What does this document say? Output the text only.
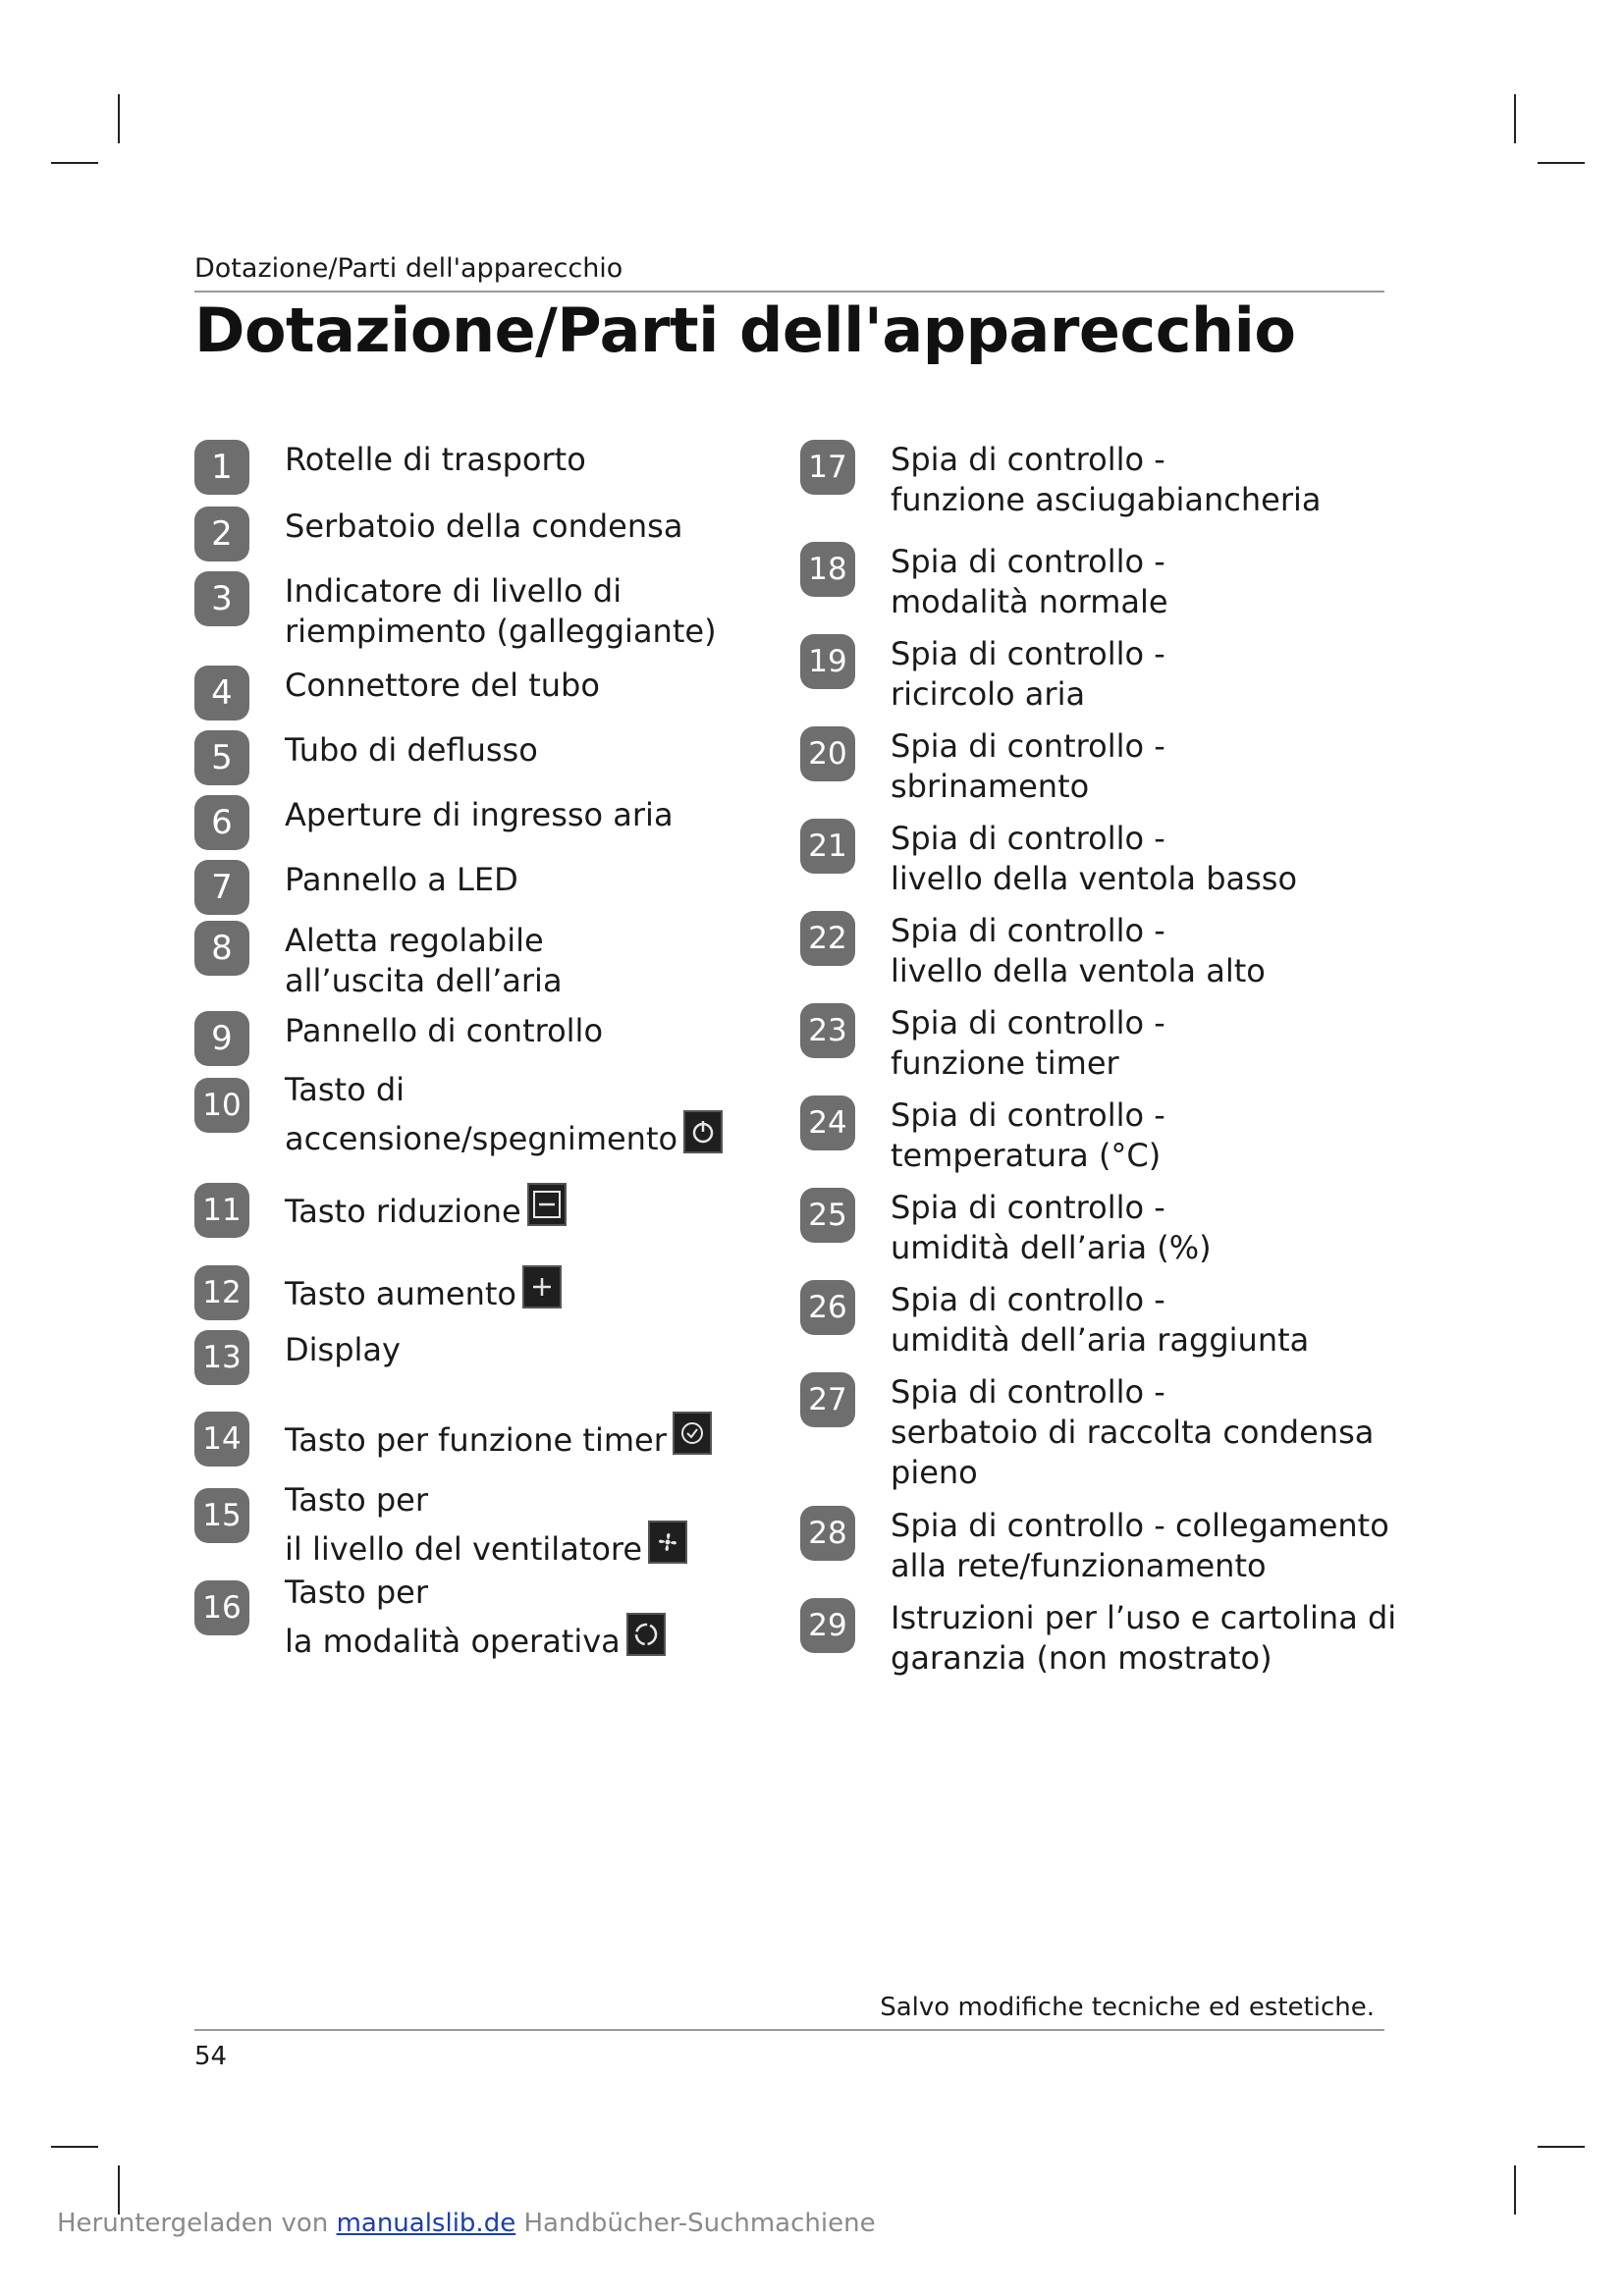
Dotazione/Parti dell'apparecchio
Dotazione/Parti dell'apparecchio
1	Rotelle di trasporto
2	Serbatoio della condensa
3	Indicatore di livello di
riempimento (galleggiante)
4	Connettore del tubo
5	Tubo di deflusso
6	Aperture di ingresso aria
7	Pannello a LED
8	Aletta regolabile
all’uscita dell’aria
9	Pannello di controllo
10 Tasto di
accensione/spegnimento
11 Tasto riduzione
12 Tasto aumento
13 Display
14 Tasto per funzione timer
15 Tasto per
il livello del ventilatore
16 Tasto per
la modalità operativa
17 Spia di controllo -
funzione asciugabiancheria
18 Spia di controllo -
modalità normale
19 Spia di controllo -
ricircolo aria
20 Spia di controllo -
sbrinamento
21 Spia di controllo -
livello della ventola basso
22 Spia di controllo -
livello della ventola alto
23 Spia di controllo -
funzione timer
24 Spia di controllo -
temperatura (°C)
25 Spia di controllo -
umidità dell’aria (%)
26 Spia di controllo -
umidità dell’aria raggiunta
27 Spia di controllo -
serbatoio di raccolta condensa
pieno
28 Spia di controllo - collegamento
alla rete/funzionamento
29 Istruzioni per l’uso e cartolina di
garanzia (non mostrato)
Salvo modifiche tecniche ed estetiche.
54
Heruntergeladen von manualslib.de Handbücher-Suchmachiene
